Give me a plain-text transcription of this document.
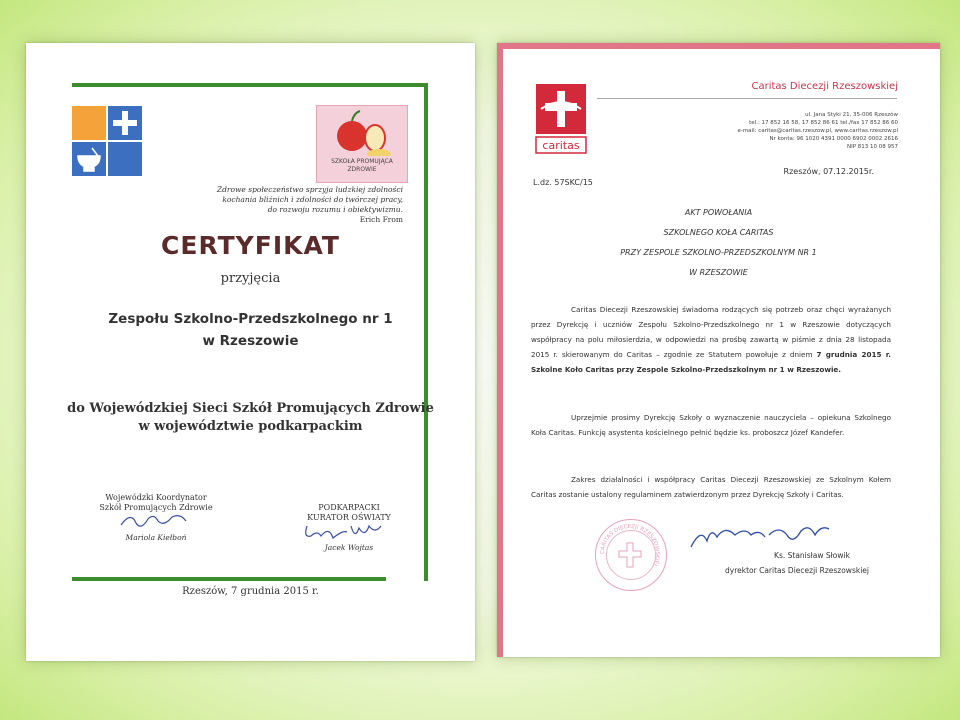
SZKOŁA PROMUJĄCA ZDROWIE
Zdrowe społeczeństwo sprzyja ludzkiej zdolności
kochania bliźnich i zdolności do twórczej pracy,
do rozwoju rozumu i obiektywizmu.
Erich From
CERTYFIKAT
przyjęcia
Zespołu Szkolno-Przedszkolnego nr 1
w Rzeszowie
do Wojewódzkiej Sieci Szkół Promujących Zdrowie
w województwie podkarpackim
Wojewódzki Koordynator
Szkół Promujących Zdrowie
Mariola Kiełboń
PODKARPACKI
KURATOR OŚWIATY
Jacek Wojtas
Rzeszów, 7 grudnia 2015 r.
caritas
Caritas Diecezji Rzeszowskiej
ul. Jana Styki 21, 35-006 Rzeszów
tel.: 17 852 16 58, 17 852 86 61 tel./fax 17 852 86 60
e-mail: caritas@caritas.rzeszow.pl, www.caritas.rzeszow.pl
Nr konta: 96 1020 4391 0000 6902 0002 2616
NIP 813 10 08 957
Rzeszów, 07.12.2015r.
L.dz. 57SKC/15
AKT POWOŁANIA
SZKOLNEGO KOŁA CARITAS
PRZY ZESPOLE SZKOLNO-PRZEDSZKOLNYM NR 1
W RZESZOWIE
Caritas Diecezji Rzeszowskiej świadoma rodzących się potrzeb oraz chęci wyrażanych przez Dyrekcję i uczniów Zespołu Szkolno-Przedszkolnego nr 1 w Rzeszowie dotyczących współpracy na polu miłosierdzia, w odpowiedzi na prośbę zawartą w piśmie z dnia 28 listopada 2015 r. skierowanym do Caritas – zgodnie ze Statutem powołuje z dniem 7 grudnia 2015 r. Szkolne Koło Caritas przy Zespole Szkolno-Przedszkolnym nr 1 w Rzeszowie.
Uprzejmie prosimy Dyrekcję Szkoły o wyznaczenie nauczyciela – opiekuna Szkolnego Koła Caritas. Funkcję asystenta kościelnego pełnić będzie ks. proboszcz Józef Kandefer.
Zakres działalności i współpracy Caritas Diecezji Rzeszowskiej ze Szkolnym Kołem Caritas zostanie ustalony regulaminem zatwierdzonym przez Dyrekcję Szkoły i Caritas.
CARITAS DIECEZJI RZESZOWSKIEJ
Ks. Stanisław Słowik
dyrektor Caritas Diecezji Rzeszowskiej
